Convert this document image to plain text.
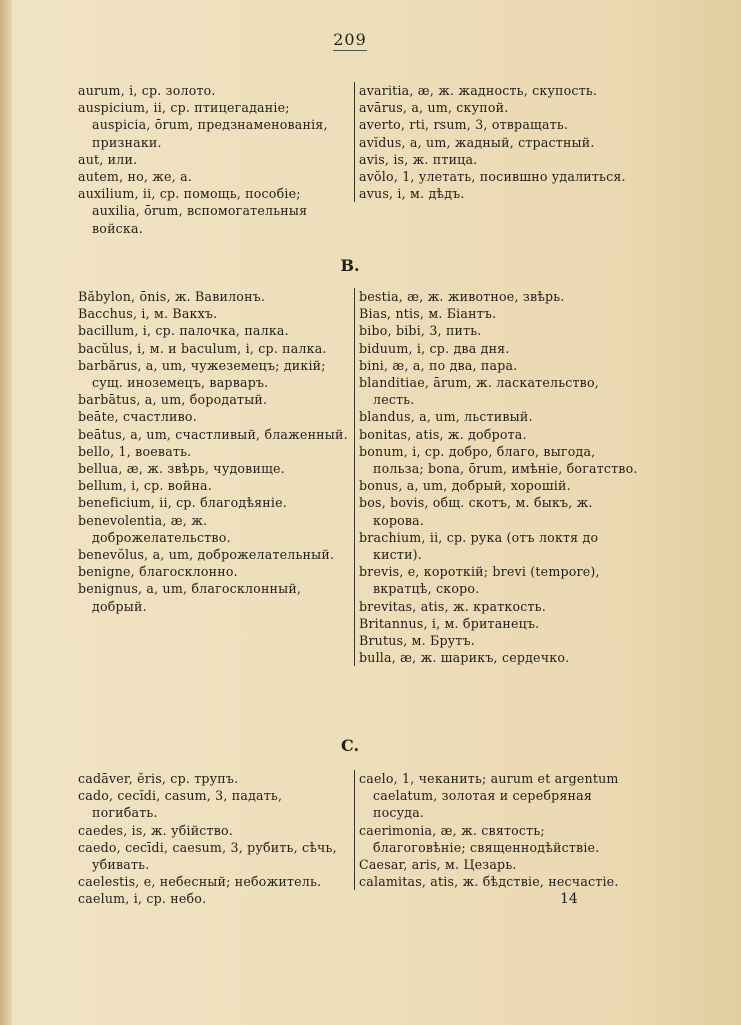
209
aurum, i, ср. золото.
auspicium, ii, ср. птицегаданіе; auspicia, ōrum, предзнаменованія, признаки.
aut, или.
autem, но, же, а.
auxilium, ii, ср. помощь, пособіе; auxilia, ōrum, вспомогательныя войска.
avaritia, æ, ж. жадность, скупость.
avārus, a, um, скупой.
averto, rti, rsum, 3, отвращать.
avĭdus, a, um, жадный, страстный.
avis, is, ж. птица.
avŏlo, 1, улетать, посившно удалиться.
avus, i, м. дѣдъ.
B.
Băbylon, ōnis, ж. Вавилонъ.
Bacchus, i, м. Вакхъ.
bacillum, i, ср. палочка, палка.
bacŭlus, i, м. и baculum, i, ср. палка.
barbărus, a, um, чужеземецъ; дикій; сущ. иноземецъ, варваръ.
barbātus, a, um, бородатый.
beāte, счастливо.
beātus, a, um, счастливый, блаженный.
bello, 1, воевать.
bellua, æ, ж. звѣрь, чудовище.
bellum, i, ср. война.
beneficium, ii, ср. благодѣяніе.
benevolentia, æ, ж. доброжелательство.
benevŏlus, a, um, доброжелательный.
benigne, благосклонно.
benignus, a, um, благосклонный, добрый.
bestia, æ, ж. животное, звѣрь.
Bias, ntis, м. Біантъ.
bibo, bibi, 3, пить.
biduum, i, ср. два дня.
bini, æ, a, по два, пара.
blanditiae, ārum, ж. ласкательство, лесть.
blandus, a, um, льстивый.
bonitas, atis, ж. доброта.
bonum, i, ср. добро, благо, выгода, польза; bona, ōrum, имѣніе, богатство.
bonus, a, um, добрый, хорошій.
bos, bovis, общ. скотъ, м. быкъ, ж. корова.
brachium, ii, ср. рука (отъ локтя до кисти).
brevis, e, короткій; brevi (tempore), вкратцѣ, скоро.
brevitas, atis, ж. краткость.
Britannus, i, м. британецъ.
Brutus, м. Брутъ.
bulla, æ, ж. шарикъ, сердечко.
C.
cadāver, ĕris, ср. трупъ.
cado, cecĭdi, casum, 3, падать, погибать.
caedes, is, ж. убійство.
caedo, cecīdi, caesum, 3, рубить, сѣчь, убивать.
caelestis, e, небесный; небожитель.
caelum, i, ср. небо.
caelo, 1, чеканить; aurum et argentum caelatum, золотая и серебряная посуда.
caerimonia, æ, ж. святость; благоговѣніе; священнодѣйствіе.
Caesar, aris, м. Цезарь.
calamitas, atis, ж. бѣдствіе, несчастіе.
14
